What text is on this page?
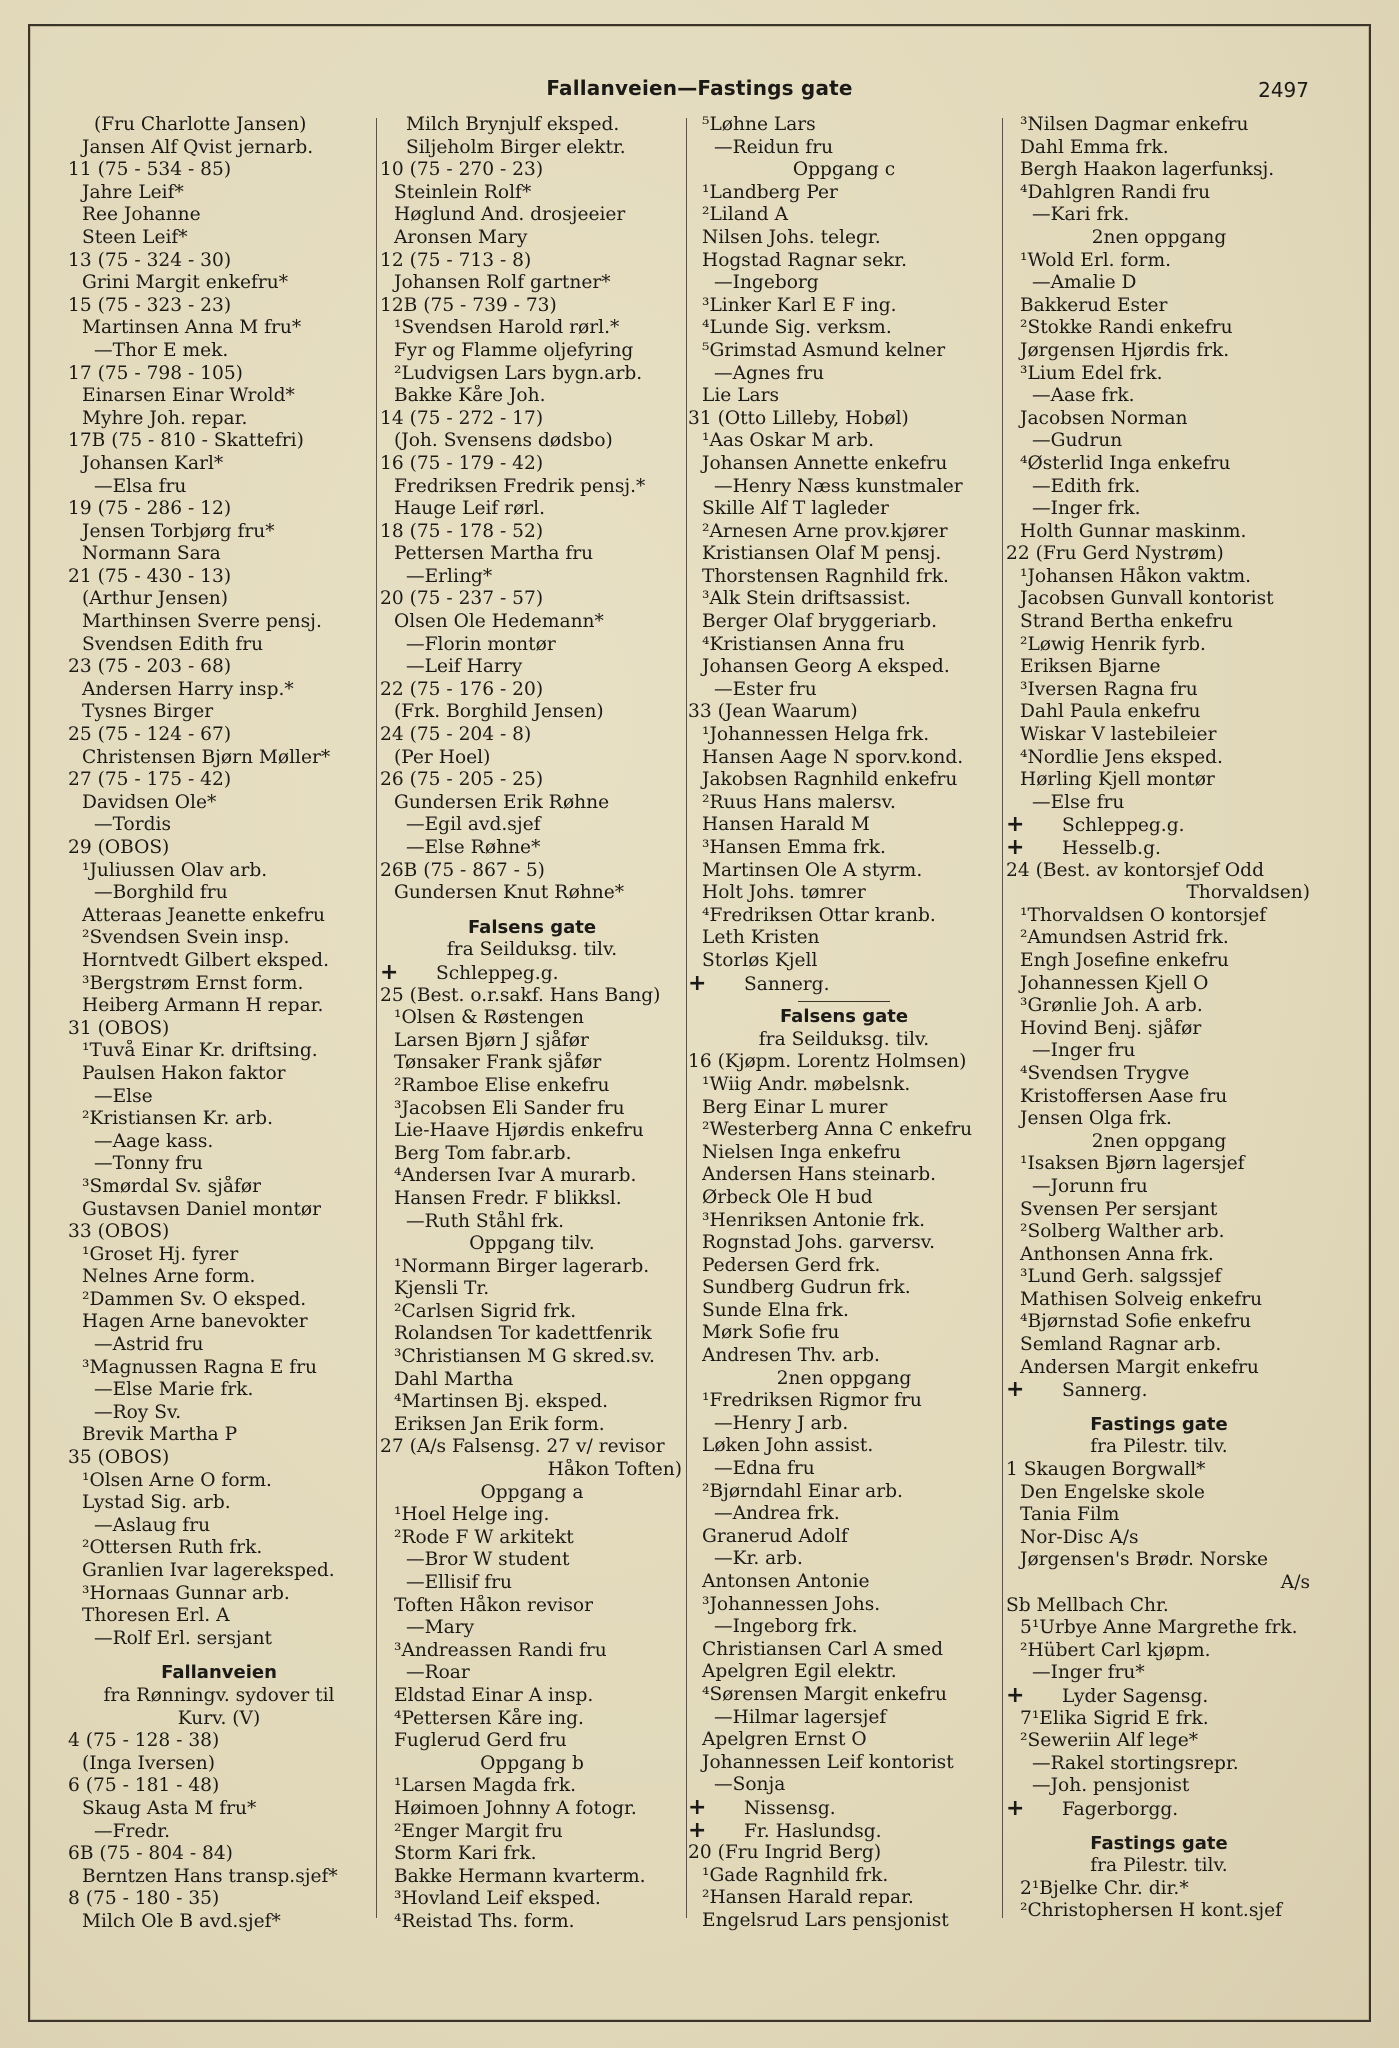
Fallanveien—Fastings gate	2497
(Fru Charlotte Jansen)
Jansen Alf Qvist jernarb.
11 (75 - 534 - 85)
Jahre Leif*
Ree Johanne
Steen Leif*
13 (75 - 324 - 30)
Grini Margit enkefru*
15 (75 - 323 - 23)
Martinsen Anna M fru*
—Thor E mek.
17 (75 - 798 - 105)
Einarsen Einar Wrold*
Myhre Joh. repar.
17B (75 - 810 - Skattefri)
Johansen Karl*
—Elsa fru
19 (75 - 286 - 12)
Jensen Torbjørg fru*
Normann Sara
21 (75 - 430 - 13)
(Arthur Jensen)
Marthinsen Sverre pensj.
Svendsen Edith fru
23 (75 - 203 - 68)
Andersen Harry insp.*
Tysnes Birger
25 (75 - 124 - 67)
Christensen Bjørn Møller*
27 (75 - 175 - 42)
Davidsen Ole*
—Tordis
29 (OBOS)
¹Juliussen Olav arb.
—Borghild fru
Atteraas Jeanette enkefru
²Svendsen Svein insp.
Horntvedt Gilbert eksped.
³Bergstrøm Ernst form.
Heiberg Armann H repar.
31 (OBOS)
¹Tuvå Einar Kr. driftsing.
Paulsen Hakon faktor
—Else
²Kristiansen Kr. arb.
—Aage kass.
—Tonny fru
³Smørdal Sv. sjåfør
Gustavsen Daniel montør
33 (OBOS)
¹Groset Hj. fyrer
Nelnes Arne form.
²Dammen Sv. O eksped.
Hagen Arne banevokter
—Astrid fru
³Magnussen Ragna E fru
—Else Marie frk.
—Roy Sv.
Brevik Martha P
35 (OBOS)
¹Olsen Arne O form.
Lystad Sig. arb.
—Aslaug fru
²Ottersen Ruth frk.
Granlien Ivar lagereksped.
³Hornaas Gunnar arb.
Thoresen Erl. A
—Rolf Erl. sersjant
Fallanveien
fra Rønningv. sydover til
Kurv. (V)
4 (75 - 128 - 38)
(Inga Iversen)
6 (75 - 181 - 48)
Skaug Asta M fru*
—Fredr.
6B (75 - 804 - 84)
Berntzen Hans transp.sjef*
8 (75 - 180 - 35)
Milch Ole B avd.sjef*
Milch Brynjulf eksped.
Siljeholm Birger elektr.
10 (75 - 270 - 23)
Steinlein Rolf*
Høglund And. drosjeeier
Aronsen Mary
12 (75 - 713 - 8)
Johansen Rolf gartner*
12B (75 - 739 - 73)
¹Svendsen Harold rørl.*
Fyr og Flamme oljefyring
²Ludvigsen Lars bygn.arb.
Bakke Kåre Joh.
14 (75 - 272 - 17)
(Joh. Svensens dødsbo)
16 (75 - 179 - 42)
Fredriksen Fredrik pensj.*
Hauge Leif rørl.
18 (75 - 178 - 52)
Pettersen Martha fru
—Erling*
20 (75 - 237 - 57)
Olsen Ole Hedemann*
—Florin montør
—Leif Harry
22 (75 - 176 - 20)
(Frk. Borghild Jensen)
24 (75 - 204 - 8)
(Per Hoel)
26 (75 - 205 - 25)
Gundersen Erik Røhne
—Egil avd.sjef
—Else Røhne*
26B (75 - 867 - 5)
Gundersen Knut Røhne*
Falsens gate
fra Seilduksg. tilv.
+ Schleppeg.g.
25 (Best. o.r.sakf. Hans Bang)
¹Olsen & Røstengen
Larsen Bjørn J sjåfør
Tønsaker Frank sjåfør
²Ramboe Elise enkefru
³Jacobsen Eli Sander fru
Lie-Haave Hjørdis enkefru
Berg Tom fabr.arb.
⁴Andersen Ivar A murarb.
Hansen Fredr. F blikksl.
—Ruth Ståhl frk.
Oppgang tilv.
¹Normann Birger lagerarb.
Kjensli Tr.
²Carlsen Sigrid frk.
Rolandsen Tor kadettfenrik
³Christiansen M G skred.sv.
Dahl Martha
⁴Martinsen Bj. eksped.
Eriksen Jan Erik form.
27 (A/s Falsensg. 27 v/ revisor
Håkon Toften)
Oppgang a
¹Hoel Helge ing.
²Rode F W arkitekt
—Bror W student
—Ellisif fru
Toften Håkon revisor
—Mary
³Andreassen Randi fru
—Roar
Eldstad Einar A insp.
⁴Pettersen Kåre ing.
Fuglerud Gerd fru
Oppgang b
¹Larsen Magda frk.
Høimoen Johnny A fotogr.
²Enger Margit fru
Storm Kari frk.
Bakke Hermann kvarterm.
³Hovland Leif eksped.
⁴Reistad Ths. form.
⁵Løhne Lars
—Reidun fru
Oppgang c
¹Landberg Per
²Liland A
Nilsen Johs. telegr.
Hogstad Ragnar sekr.
—Ingeborg
³Linker Karl E F ing.
⁴Lunde Sig. verksm.
⁵Grimstad Asmund kelner
—Agnes fru
Lie Lars
31 (Otto Lilleby, Hobøl)
¹Aas Oskar M arb.
Johansen Annette enkefru
—Henry Næss kunstmaler
Skille Alf T lagleder
²Arnesen Arne prov.kjører
Kristiansen Olaf M pensj.
Thorstensen Ragnhild frk.
³Alk Stein driftsassist.
Berger Olaf bryggeriarb.
⁴Kristiansen Anna fru
Johansen Georg A eksped.
—Ester fru
33 (Jean Waarum)
¹Johannessen Helga frk.
Hansen Aage N sporv.kond.
Jakobsen Ragnhild enkefru
²Ruus Hans malersv.
Hansen Harald M
³Hansen Emma frk.
Martinsen Ole A styrm.
Holt Johs. tømrer
⁴Fredriksen Ottar kranb.
Leth Kristen
Storløs Kjell
+ Sannerg.
Falsens gate
fra Seilduksg. tilv.
16 (Kjøpm. Lorentz Holmsen)
¹Wiig Andr. møbelsnk.
Berg Einar L murer
²Westerberg Anna C enkefru
Nielsen Inga enkefru
Andersen Hans steinarb.
Ørbeck Ole H bud
³Henriksen Antonie frk.
Rognstad Johs. garversv.
Pedersen Gerd frk.
Sundberg Gudrun frk.
Sunde Elna frk.
Mørk Sofie fru
Andresen Thv. arb.
2nen oppgang
¹Fredriksen Rigmor fru
—Henry J arb.
Løken John assist.
—Edna fru
²Bjørndahl Einar arb.
—Andrea frk.
Granerud Adolf
—Kr. arb.
Antonsen Antonie
³Johannessen Johs.
—Ingeborg frk.
Christiansen Carl A smed
Apelgren Egil elektr.
⁴Sørensen Margit enkefru
—Hilmar lagersjef
Apelgren Ernst O
Johannessen Leif kontorist
—Sonja
+ Nissensg.
+ Fr. Haslundsg.
20 (Fru Ingrid Berg)
¹Gade Ragnhild frk.
²Hansen Harald repar.
Engelsrud Lars pensjonist
³Nilsen Dagmar enkefru
Dahl Emma frk.
Bergh Haakon lagerfunksj.
⁴Dahlgren Randi fru
—Kari frk.
2nen oppgang
¹Wold Erl. form.
—Amalie D
Bakkerud Ester
²Stokke Randi enkefru
Jørgensen Hjørdis frk.
³Lium Edel frk.
—Aase frk.
Jacobsen Norman
—Gudrun
⁴Østerlid Inga enkefru
—Edith frk.
—Inger frk.
Holth Gunnar maskinm.
22 (Fru Gerd Nystrøm)
¹Johansen Håkon vaktm.
Jacobsen Gunvall kontorist
Strand Bertha enkefru
²Løwig Henrik fyrb.
Eriksen Bjarne
³Iversen Ragna fru
Dahl Paula enkefru
Wiskar V lastebileier
⁴Nordlie Jens eksped.
Hørling Kjell montør
—Else fru
+ Schleppeg.g.
+ Hesselb.g.
24 (Best. av kontorsjef Odd
Thorvaldsen)
¹Thorvaldsen O kontorsjef
²Amundsen Astrid frk.
Engh Josefine enkefru
Johannessen Kjell O
³Grønlie Joh. A arb.
Hovind Benj. sjåfør
—Inger fru
⁴Svendsen Trygve
Kristoffersen Aase fru
Jensen Olga frk.
2nen oppgang
¹Isaksen Bjørn lagersjef
—Jorunn fru
Svensen Per sersjant
²Solberg Walther arb.
Anthonsen Anna frk.
³Lund Gerh. salgssjef
Mathisen Solveig enkefru
⁴Bjørnstad Sofie enkefru
Semland Ragnar arb.
Andersen Margit enkefru
+ Sannerg.
Fastings gate
fra Pilestr. tilv.
1 Skaugen Borgwall*
Den Engelske skole
Tania Film
Nor-Disc A/s
Jørgensen's Brødr. Norske
A/s
Sb Mellbach Chr.
5¹Urbye Anne Margrethe frk.
²Hübert Carl kjøpm.
—Inger fru*
+ Lyder Sagensg.
7¹Elika Sigrid E frk.
²Seweriin Alf lege*
—Rakel stortingsrepr.
—Joh. pensjonist
+ Fagerborgg.
Fastings gate
fra Pilestr. tilv.
2¹Bjelke Chr. dir.*
²Christophersen H kont.sjef
